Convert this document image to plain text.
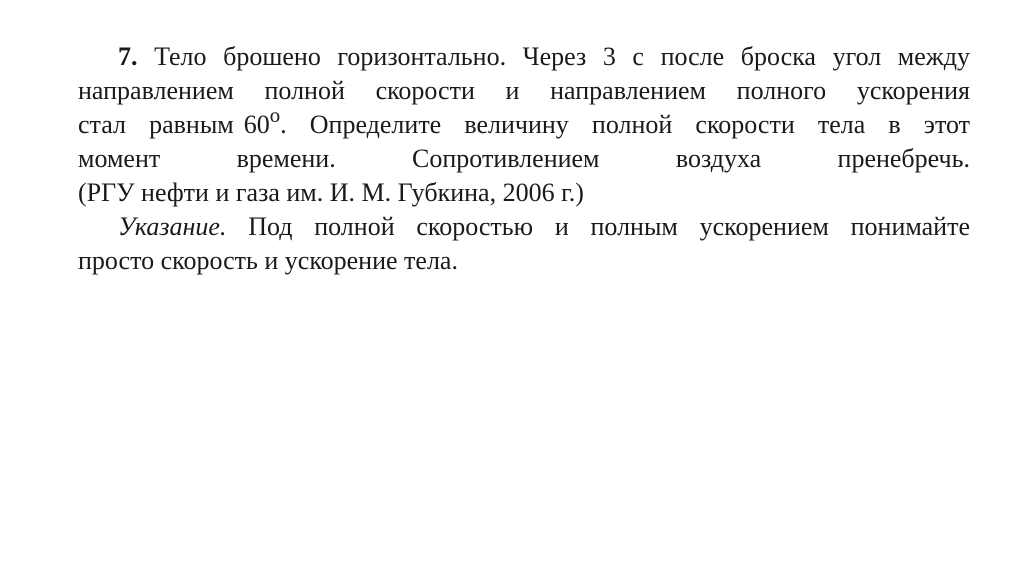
7. Тело брошено горизонтально. Через 3 с после броска угол между
направлением полной скорости и направлением полного ускорения
стал равным 60$^o$. Определите величину полной скорости тела в этот
момент времени. Сопротивлением воздуха пренебречь.
(РГУ нефти и газа им. И. М. Губкина, 2006 г.)
Указание. Под полной скоростью и полным ускорением понимайте
просто скорость и ускорение тела.
